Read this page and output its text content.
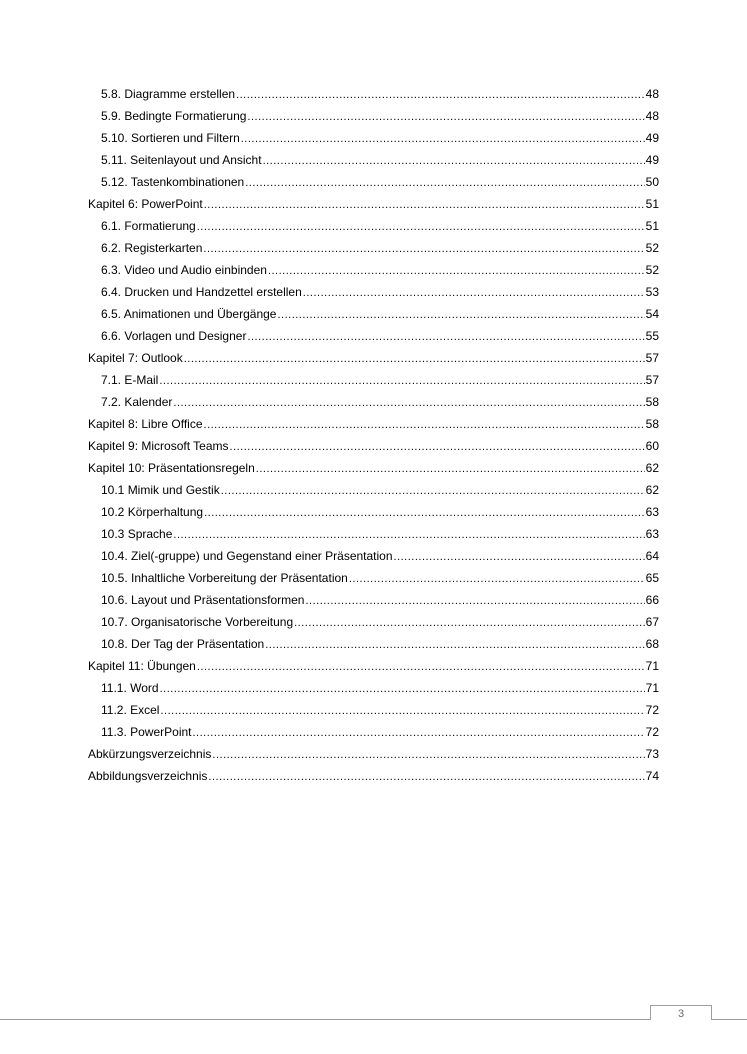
5.8. Diagramme erstellen .....	48
5.9. Bedingte Formatierung .....	48
5.10. Sortieren und Filtern .....	49
5.11. Seitenlayout und Ansicht .....	49
5.12. Tastenkombinationen .....	50
Kapitel 6: PowerPoint .....	51
6.1. Formatierung .....	51
6.2. Registerkarten .....	52
6.3. Video und Audio einbinden .....	52
6.4. Drucken und Handzettel erstellen .....	53
6.5. Animationen und Übergänge .....	54
6.6. Vorlagen und Designer .....	55
Kapitel 7: Outlook .....	57
7.1. E-Mail .....	57
7.2. Kalender .....	58
Kapitel 8: Libre Office .....	58
Kapitel 9: Microsoft Teams .....	60
Kapitel 10: Präsentationsregeln .....	62
10.1 Mimik und Gestik .....	62
10.2 Körperhaltung .....	63
10.3 Sprache .....	63
10.4. Ziel(-gruppe) und Gegenstand einer Präsentation .....	64
10.5. Inhaltliche Vorbereitung der Präsentation .....	65
10.6. Layout und Präsentationsformen .....	66
10.7. Organisatorische Vorbereitung .....	67
10.8. Der Tag der Präsentation .....	68
Kapitel 11: Übungen .....	71
11.1. Word .....	71
11.2. Excel .....	72
11.3. PowerPoint .....	72
Abkürzungsverzeichnis .....	73
Abbildungsverzeichnis .....	74
3
